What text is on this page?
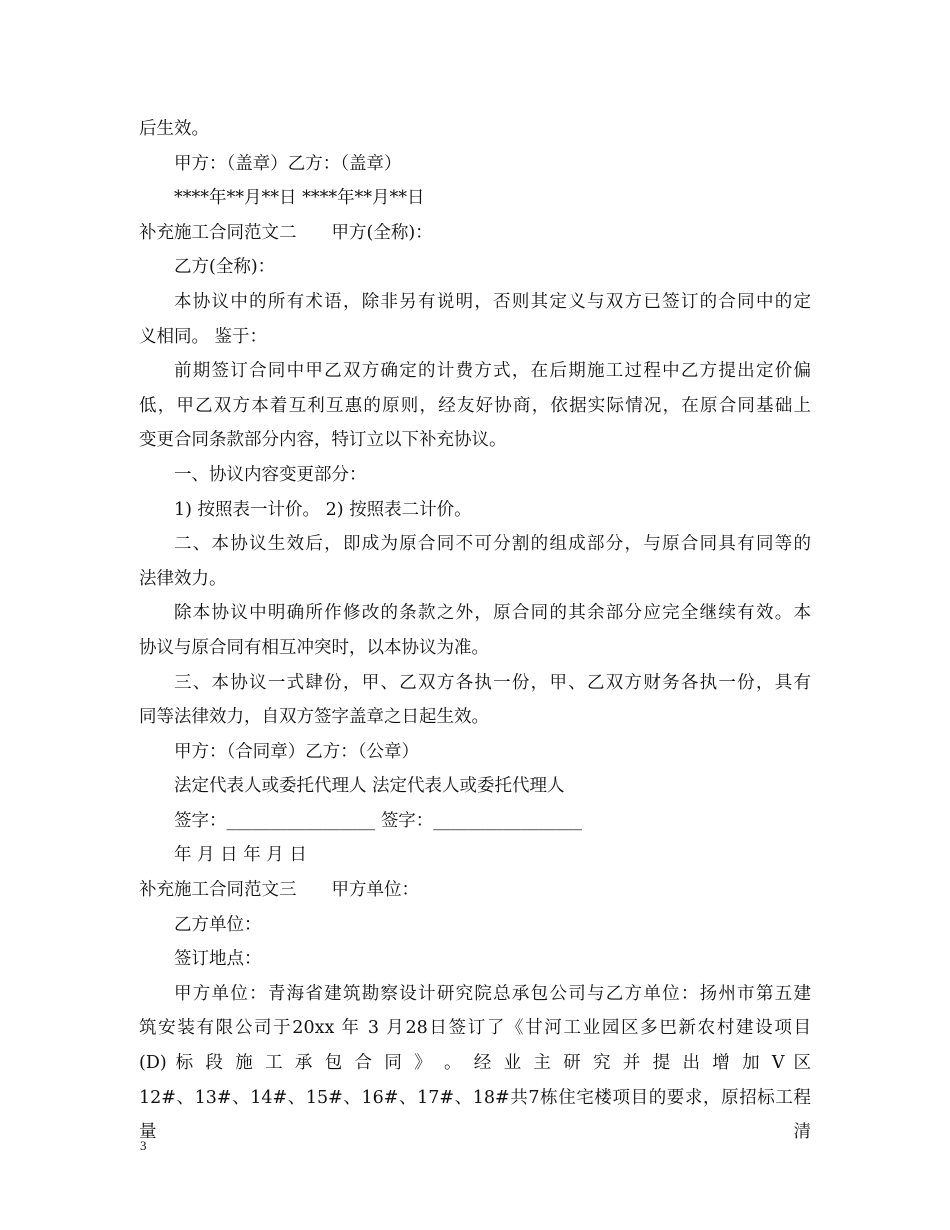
后生效。
甲方：（盖章）乙方：（盖章）
****年**月**日 ****年**月**日
补充施工合同范文二　　甲方(全称)：
乙方(全称)：
本协议中的所有术语，除非另有说明，否则其定义与双方已签订的合同中的定
义相同。 鉴于：
前期签订合同中甲乙双方确定的计费方式，在后期施工过程中乙方提出定价偏
低，甲乙双方本着互利互惠的原则，经友好协商，依据实际情况，在原合同基础上
变更合同条款部分内容，特订立以下补充协议。
一、协议内容变更部分：
1) 按照表一计价。 2) 按照表二计价。
二、本协议生效后，即成为原合同不可分割的组成部分，与原合同具有同等的
法律效力。
除本协议中明确所作修改的条款之外，原合同的其余部分应完全继续有效。本
协议与原合同有相互冲突时，以本协议为准。
三、本协议一式肆份，甲、乙双方各执一份，甲、乙双方财务各执一份，具有
同等法律效力，自双方签字盖章之日起生效。
甲方：（合同章）乙方：（公章）
法定代表人或委托代理人 法定代表人或委托代理人
签字：_________________ 签字：_________________
年 月 日 年 月 日
补充施工合同范文三　　甲方单位：
乙方单位：
签订地点：
甲方单位：青海省建筑勘察设计研究院总承包公司与乙方单位：扬州市第五建
筑安装有限公司于20xx 年 3 月28日签订了《甘河工业园区多巴新农村建设项目
(D) 标 段 施 工 承 包 合 同 》 。 经 业 主 研 究 并 提 出 增 加 V 区
12#、13#、14#、15#、16#、17#、18#共7栋住宅楼项目的要求，原招标工程量清
3
